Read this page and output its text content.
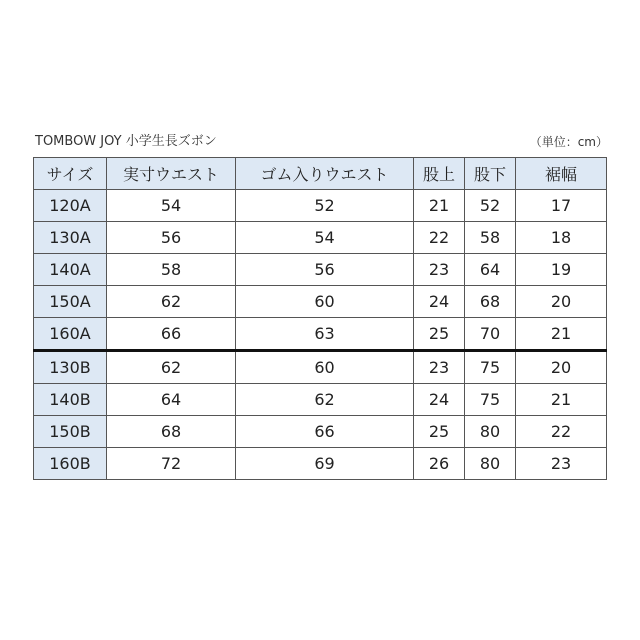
TOMBOW JOY 小学生長ズボン	（単位：cm）
サイズ	実寸ウエスト	ゴム入りウエスト	股上	股下	裾幅
120A	54	52	21	52	17
130A	56	54	22	58	18
140A	58	56	23	64	19
150A	62	60	24	68	20
160A	66	63	25	70	21
130B	62	60	23	75	20
140B	64	62	24	75	21
150B	68	66	25	80	22
160B	72	69	26	80	23
